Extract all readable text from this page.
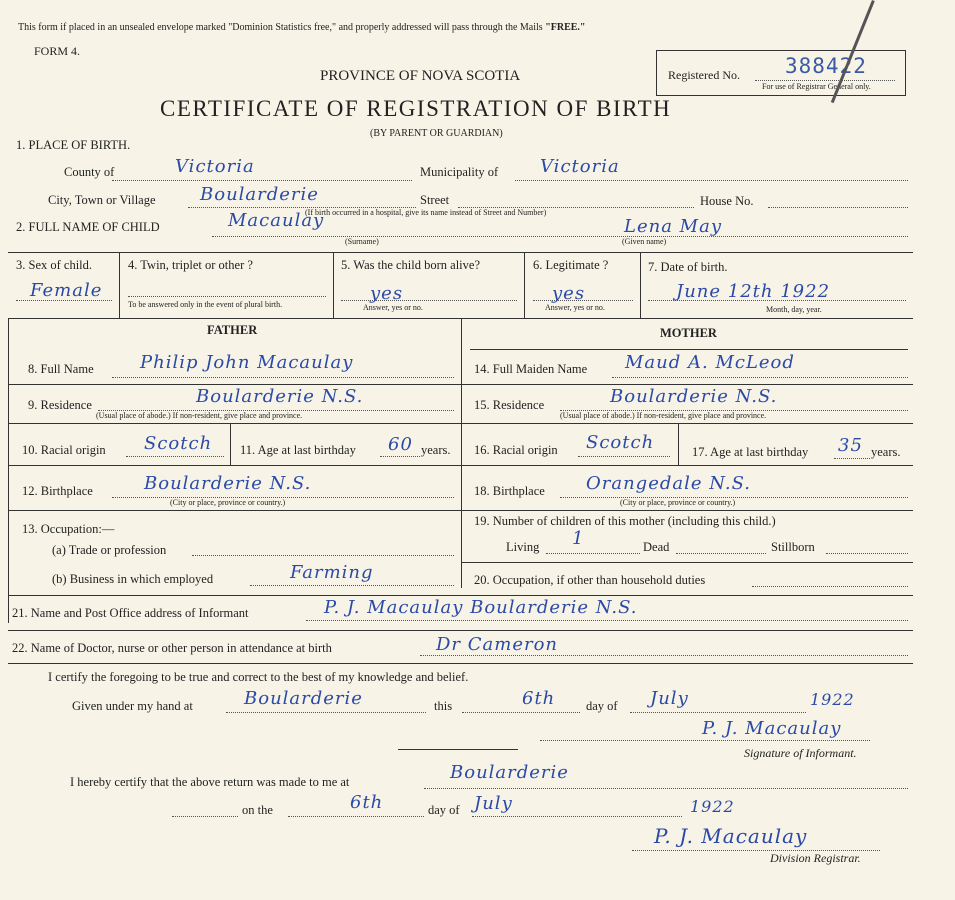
This form if placed in an unsealed envelope marked "Dominion Statistics free," and properly addressed will pass through the Mails "FREE."
FORM 4.
Registered No. 388422
For use of Registrar General only.
PROVINCE OF NOVA SCOTIA
CERTIFICATE OF REGISTRATION OF BIRTH
(BY PARENT OR GUARDIAN)
1. PLACE OF BIRTH.
County of	Victoria	Municipality of Victoria
City, Town or Village Boularderie	Street	House No.
(If birth occurred in a hospital, give its name instead of Street and Number)
2. FULL NAME OF CHILD	Macaulay
(Surname)
Lena May
(Given name)
3. Sex of child.
Female
4. Twin, triplet or other ?
To be answered only in the event of plural birth.
5. Was the child born alive?
yes
Answer, yes or no.
6. Legitimate ?
yes
Answer, yes or no.
7. Date of birth.
June 12th 1922
Month, day, year.
FATHER	MOTHER
8. Full Name	Philip John Macaulay
9. Residence	Boularderie N.S.
(Usual place of abode.) If non-resident, give place and province.
10. Racial origin Scotch 11. Age at last birthday 60 years.
12. Birthplace	Boularderie N.S.
(City or place, province or country.)
13. Occupation:—
(a) Trade or profession
(b) Business in which employed	Farming
14. Full Maiden Name Maud A. McLeod
15. Residence	Boularderie N.S.
(Usual place of abode.) If non-resident, give place and province.
16. Racial origin Scotch	17. Age at last birthday 35 years.
18. Birthplace Orangedale N.S.
(City or place, province or country.)
19. Number of children of this mother (including this child.)
Living 1	Dead	Stillborn
20. Occupation, if other than household duties
21. Name and Post Office address of Informant	P. J. Macaulay Boularderie N.S.
22. Name of Doctor, nurse or other person in attendance at birth	Dr Cameron
I certify the foregoing to be true and correct to the best of my knowledge and belief.
Given under my hand at	Boularderie	this	6th day of July	1922
P. J. Macaulay
Signature of Informant.
I hereby certify that the above return was made to me at	Boularderie
on the	6th	day of July	1922
P. J. Macaulay
Division Registrar.
